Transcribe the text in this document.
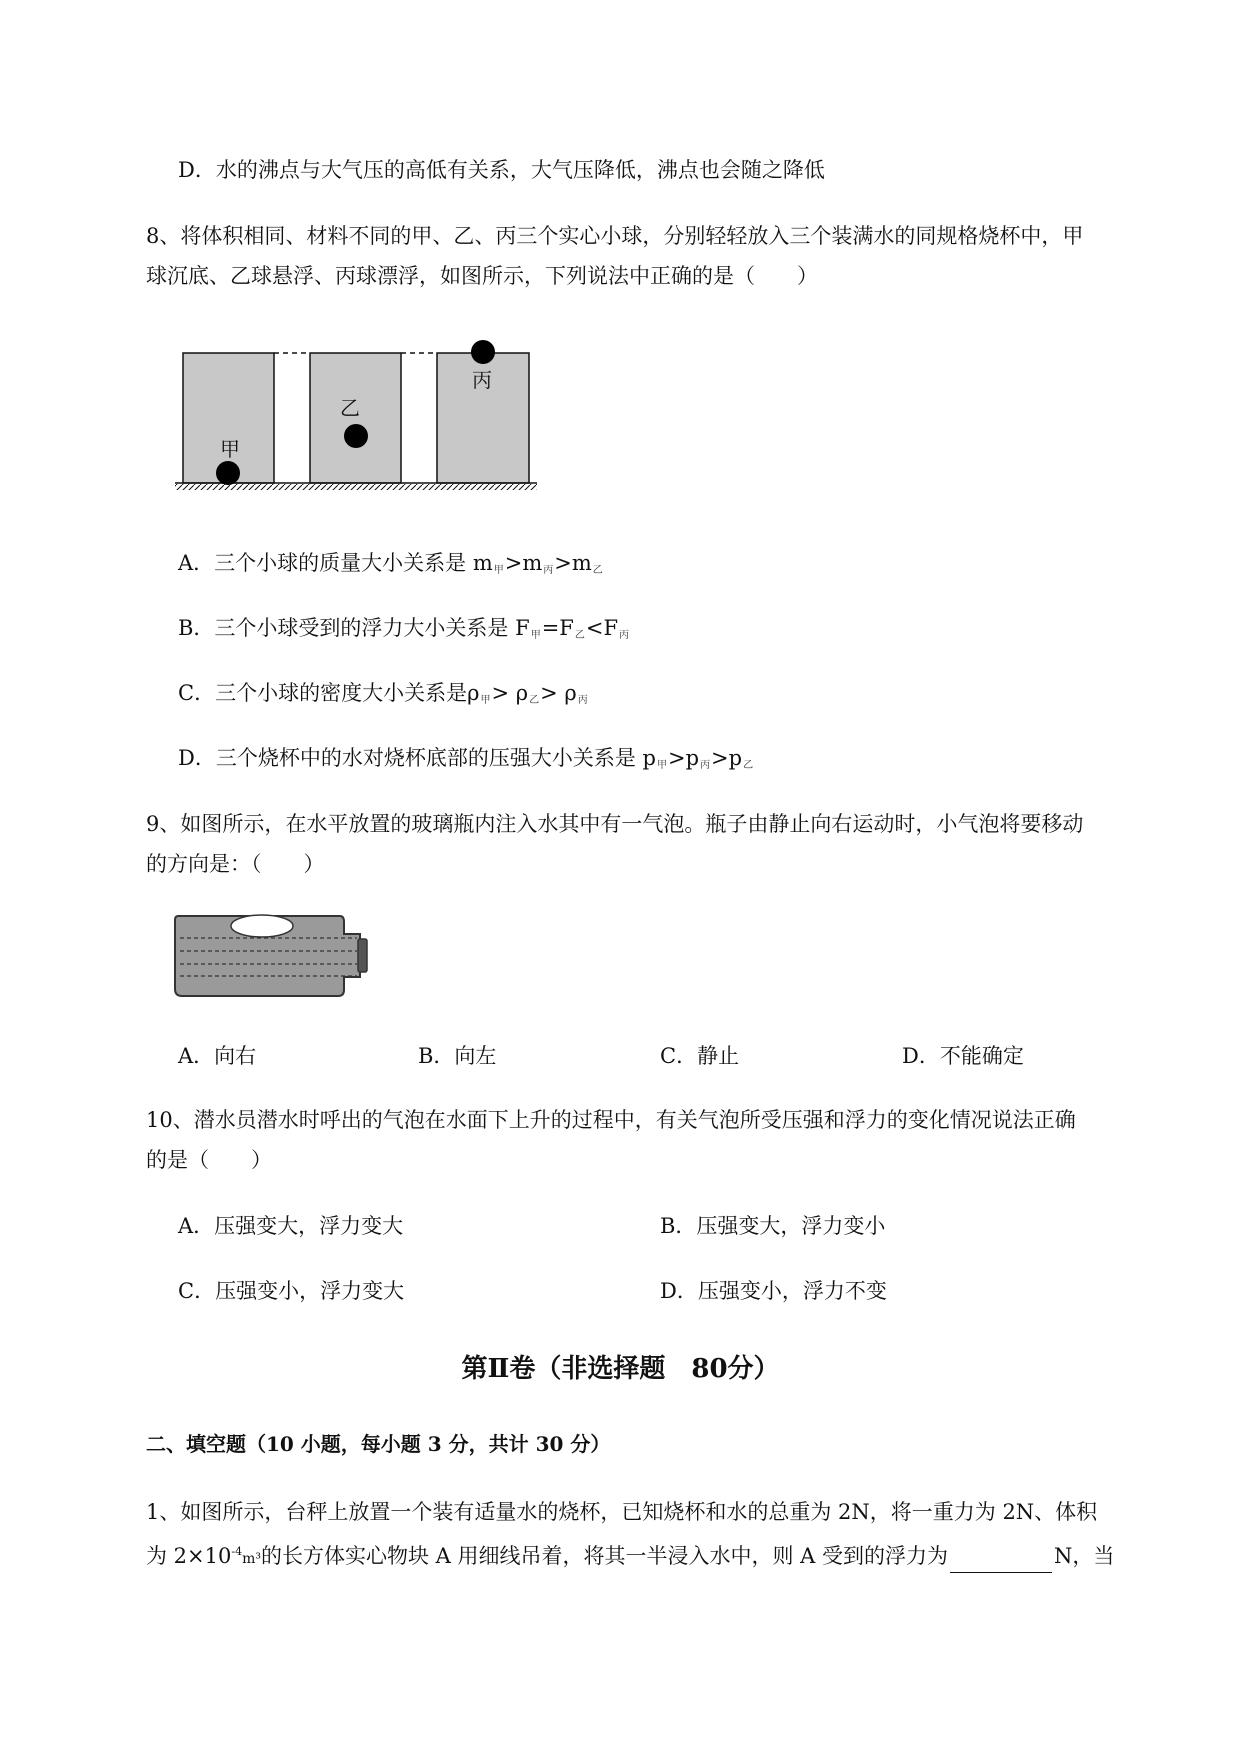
D．水的沸点与大气压的高低有关系，大气压降低，沸点也会随之降低
8、将体积相同、材料不同的甲、乙、丙三个实心小球，分别轻轻放入三个装满水的同规格烧杯中，甲
球沉底、乙球悬浮、丙球漂浮，如图所示，下列说法中正确的是（　　）
甲
乙
丙
A．三个小球的质量大小关系是 $m_甲>m_丙>m_乙$
B．三个小球受到的浮力大小关系是 $F_甲=F_乙<F_丙$
C．三个小球的密度大小关系是$\rho_甲> \rho_乙> \rho_丙$
D．三个烧杯中的水对烧杯底部的压强大小关系是 $p_甲>p_丙>p_乙$
9、如图所示，在水平放置的玻璃瓶内注入水其中有一气泡。瓶子由静止向右运动时，小气泡将要移动
的方向是：（　　）
A．向右	B．向左	C．静止	D．不能确定
10、潜水员潜水时呼出的气泡在水面下上升的过程中，有关气泡所受压强和浮力的变化情况说法正确
的是（　　）
A．压强变大，浮力变大	B．压强变大，浮力变小
C．压强变小，浮力变大	D．压强变小，浮力不变
第Ⅱ卷（非选择题　80分）
二、填空题（10 小题，每小题 3 分，共计 30 分）
1、如图所示，台秤上放置一个装有适量水的烧杯，已知烧杯和水的总重为 2N，将一重力为 2N、体积
为 $2\times 10^{-4}m^3$的长方体实心物块 A 用细线吊着，将其一半浸入水中，则 A 受到的浮力为	N，当
